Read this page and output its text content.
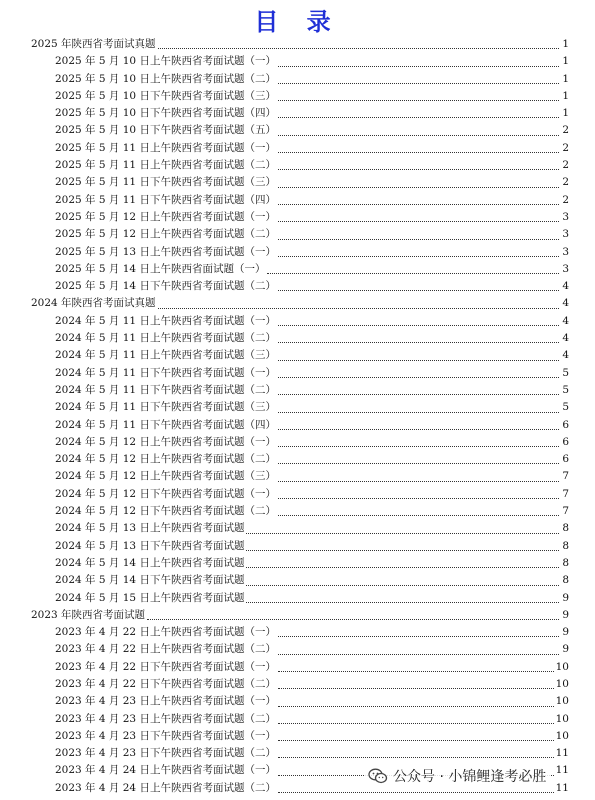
目 录
2025 年陕西省考面试真题	1
2025 年 5 月 10 日上午陕西省考面试题（一）	1
2025 年 5 月 10 日上午陕西省考面试题（二）	1
2025 年 5 月 10 日下午陕西省考面试题（三）	1
2025 年 5 月 10 日下午陕西省考面试题（四）	1
2025 年 5 月 10 日下午陕西省考面试题（五）	2
2025 年 5 月 11 日上午陕西省考面试题（一）	2
2025 年 5 月 11 日上午陕西省考面试题（二）	2
2025 年 5 月 11 日下午陕西省考面试题（三）	2
2025 年 5 月 11 日下午陕西省考面试题（四）	2
2025 年 5 月 12 日上午陕西省考面试题（一）	3
2025 年 5 月 12 日上午陕西省考面试题（二）	3
2025 年 5 月 13 日上午陕西省考面试题（一）	3
2025 年 5 月 14 日上午陕西省面试题（一）	3
2025 年 5 月 14 日下午陕西省考面试题（二）	4
2024 年陕西省考面试真题	4
2024 年 5 月 11 日上午陕西省考面试题（一）	4
2024 年 5 月 11 日上午陕西省考面试题（二）	4
2024 年 5 月 11 日上午陕西省考面试题（三）	4
2024 年 5 月 11 日下午陕西省考面试题（一）	5
2024 年 5 月 11 日下午陕西省考面试题（二）	5
2024 年 5 月 11 日下午陕西省考面试题（三）	5
2024 年 5 月 11 日下午陕西省考面试题（四）	6
2024 年 5 月 12 日上午陕西省考面试题（一）	6
2024 年 5 月 12 日上午陕西省考面试题（二）	6
2024 年 5 月 12 日上午陕西省考面试题（三）	7
2024 年 5 月 12 日下午陕西省考面试题（一）	7
2024 年 5 月 12 日下午陕西省考面试题（二）	7
2024 年 5 月 13 日上午陕西省考面试题	8
2024 年 5 月 13 日下午陕西省考面试题	8
2024 年 5 月 14 日上午陕西省考面试题	8
2024 年 5 月 14 日下午陕西省考面试题	8
2024 年 5 月 15 日上午陕西省考面试题	9
2023 年陕西省考面试题	9
2023 年 4 月 22 日上午陕西省考面试题（一）	9
2023 年 4 月 22 日上午陕西省考面试题（二）	9
2023 年 4 月 22 日下午陕西省考面试题（一）	10
2023 年 4 月 22 日下午陕西省考面试题（二）	10
2023 年 4 月 23 日上午陕西省考面试题（一）	10
2023 年 4 月 23 日上午陕西省考面试题（二）	10
2023 年 4 月 23 日下午陕西省考面试题（一）	10
2023 年 4 月 23 日下午陕西省考面试题（二）	11
2023 年 4 月 24 日上午陕西省考面试题（一）	11
2023 年 4 月 24 日上午陕西省考面试题（二）	11
公众号 · 小锦鲤逢考必胜
